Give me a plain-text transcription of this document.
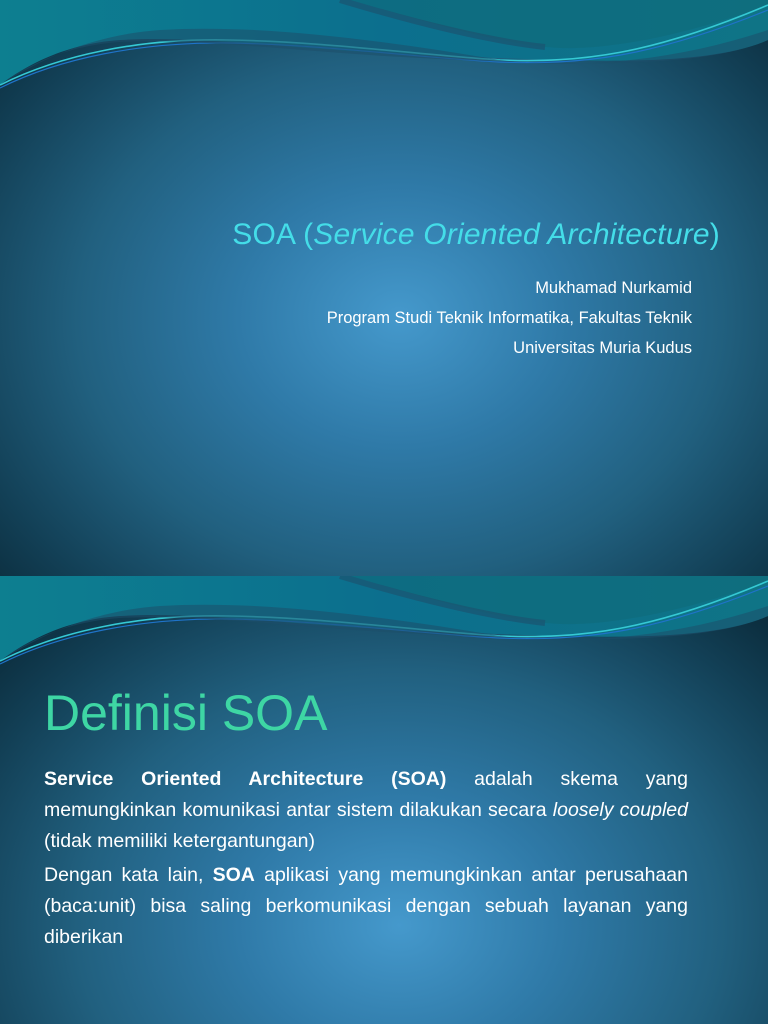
SOA (Service Oriented Architecture)
Mukhamad Nurkamid
Program Studi Teknik Informatika, Fakultas Teknik
Universitas Muria Kudus
Definisi SOA

Service Oriented Architecture (SOA) adalah skema yang memungkinkan komunikasi antar sistem dilakukan secara loosely coupled (tidak memiliki ketergantungan)

Dengan kata lain, SOA aplikasi yang memungkinkan antar perusahaan (baca:unit) bisa saling berkomunikasi dengan sebuah layanan yang diberikan
